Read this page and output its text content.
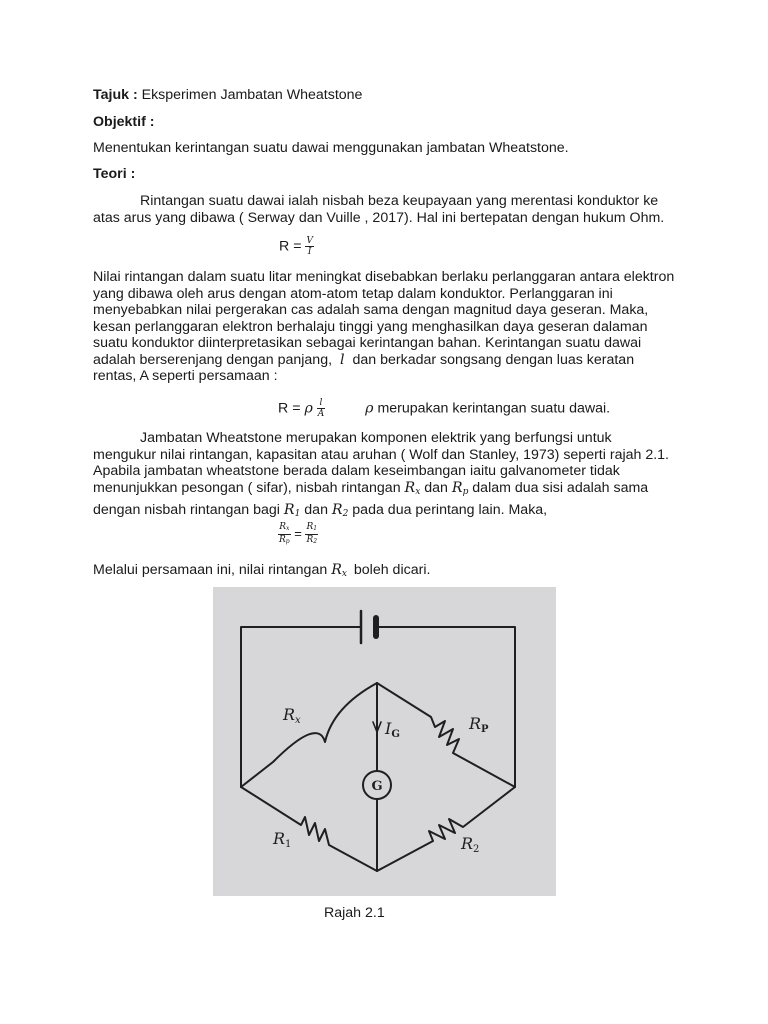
Tajuk : Eksperimen Jambatan Wheatstone
Objektif :
Menentukan kerintangan suatu dawai menggunakan jambatan Wheatstone.
Teori :
Rintangan suatu dawai ialah nisbah beza keupayaan yang merentasi konduktor ke
atas arus yang dibawa ( Serway dan Vuille , 2017). Hal ini bertepatan dengan hukum Ohm.
$R = \frac{V}{I}$
Nilai rintangan dalam suatu litar meningkat disebabkan berlaku perlanggaran antara elektron
yang dibawa oleh arus dengan atom-atom tetap dalam konduktor. Perlanggaran ini
menyebabkan nilai pergerakan cas adalah sama dengan magnitud daya geseran. Maka,
kesan perlanggaran elektron berhalaju tinggi yang menghasilkan daya geseran dalaman
suatu konduktor diinterpretasikan sebagai kerintangan bahan. Kerintangan suatu dawai
adalah berserenjang dengan panjang, l dan berkadar songsang dengan luas keratan
rentas, A seperti persamaan :
R = ρ $\frac{l}{A}$	ρ merupakan kerintangan suatu dawai.
Jambatan Wheatstone merupakan komponen elektrik yang berfungsi untuk
mengukur nilai rintangan, kapasitan atau aruhan ( Wolf dan Stanley, 1973) seperti rajah 2.1.
Apabila jambatan wheatstone berada dalam keseimbangan iaitu galvanometer tidak
menunjukkan pesongan ( sifar), nisbah rintangan $R_x$ dan $R_p$ dalam dua sisi adalah sama
dengan nisbah rintangan bagi $R_1$ dan $R_2$ pada dua perintang lain. Maka,
$\frac{Rx}{Rp} = \frac{R1}{R2}$
Melalui persamaan ini, nilai rintangan $R_x$ boleh dicari.
Rx	RP
R1	R2
IG
G
Rajah 2.1
